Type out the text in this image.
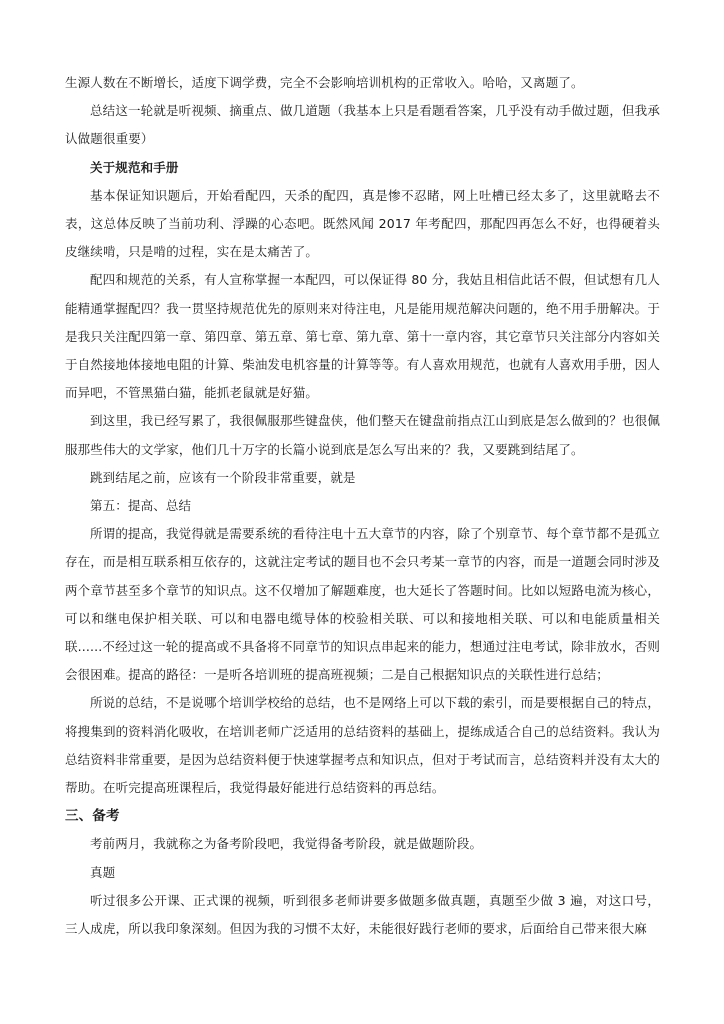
生源人数在不断增长，适度下调学费，完全不会影响培训机构的正常收入。哈哈，又离题了。

总结这一轮就是听视频、摘重点、做几道题（我基本上只是看题看答案，几乎没有动手做过题，但我承认做题很重要）

关于规范和手册

基本保证知识题后，开始看配四，天杀的配四，真是惨不忍睹，网上吐槽已经太多了，这里就略去不表，这总体反映了当前功利、浮躁的心态吧。既然风闻 2017 年考配四，那配四再怎么不好，也得硬着头皮继续啃，只是啃的过程，实在是太痛苦了。

配四和规范的关系，有人宣称掌握一本配四，可以保证得 80 分，我姑且相信此话不假，但试想有几人能精通掌握配四？我一贯坚持规范优先的原则来对待注电，凡是能用规范解决问题的，绝不用手册解决。于是我只关注配四第一章、第四章、第五章、第七章、第九章、第十一章内容，其它章节只关注部分内容如关于自然接地体接地电阻的计算、柴油发电机容量的计算等等。有人喜欢用规范，也就有人喜欢用手册，因人而异吧，不管黑猫白猫，能抓老鼠就是好猫。

到这里，我已经写累了，我很佩服那些键盘侠，他们整天在键盘前指点江山到底是怎么做到的？也很佩服那些伟大的文学家，他们几十万字的长篇小说到底是怎么写出来的？我，又要跳到结尾了。

跳到结尾之前，应该有一个阶段非常重要，就是

第五：提高、总结

所谓的提高，我觉得就是需要系统的看待注电十五大章节的内容，除了个别章节、每个章节都不是孤立存在，而是相互联系相互依存的，这就注定考试的题目也不会只考某一章节的内容，而是一道题会同时涉及两个章节甚至多个章节的知识点。这不仅增加了解题难度，也大延长了答题时间。比如以短路电流为核心，可以和继电保护相关联、可以和电器电缆导体的校验相关联、可以和接地相关联、可以和电能质量相关联......不经过这一轮的提高或不具备将不同章节的知识点串起来的能力，想通过注电考试，除非放水，否则会很困难。提高的路径：一是听各培训班的提高班视频；二是自己根据知识点的关联性进行总结；

所说的总结，不是说哪个培训学校给的总结，也不是网络上可以下载的索引，而是要根据自己的特点，将搜集到的资料消化吸收，在培训老师广泛适用的总结资料的基础上，提练成适合自己的总结资料。我认为总结资料非常重要，是因为总结资料便于快速掌握考点和知识点，但对于考试而言，总结资料并没有太大的帮助。在听完提高班课程后，我觉得最好能进行总结资料的再总结。

三、备考

考前两月，我就称之为备考阶段吧，我觉得备考阶段，就是做题阶段。

真题

听过很多公开课、正式课的视频，听到很多老师讲要多做题多做真题，真题至少做 3 遍，对这口号，三人成虎，所以我印象深刻。但因为我的习惯不太好，未能很好践行老师的要求，后面给自己带来很大麻
